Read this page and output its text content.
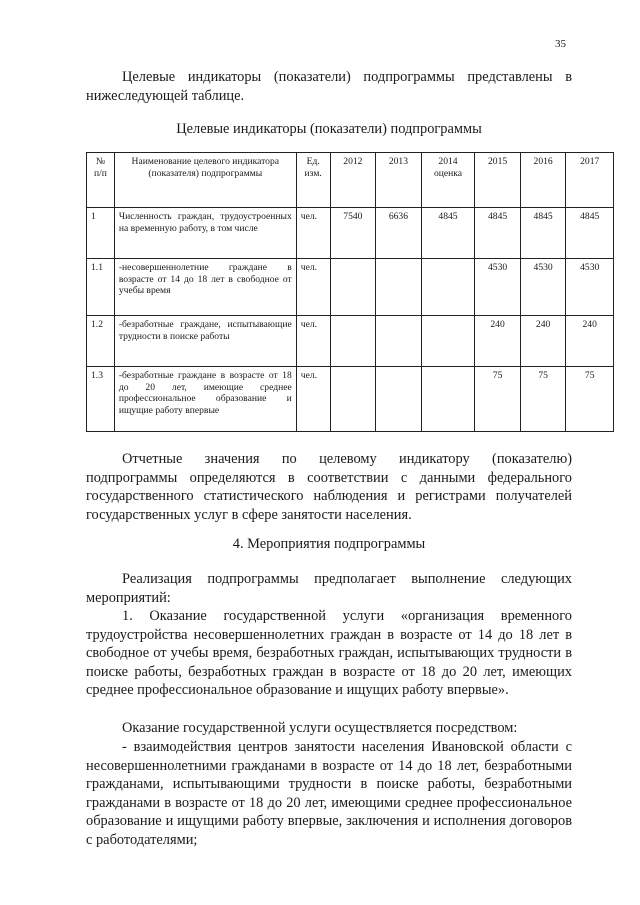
35

Целевые индикаторы (показатели) подпрограммы представлены в нижеследующей таблице.

Целевые индикаторы (показатели) подпрограммы

№ п/п	Наименование целевого индикатора (показателя) подпрограммы	Ед. изм.	2012	2013	2014 оценка	2015	2016	2017
1	Численность граждан, трудоустроенных на временную работу, в том числе	чел.	7540	6636	4845	4845	4845	4845
1.1	-несовершеннолетние граждане в возрасте от 14 до 18 лет в свободное от учебы время	чел.				4530	4530	4530
1.2	-безработные граждане, испытывающие трудности в поиске работы	чел.				240	240	240
1.3	-безработные граждане в возрасте от 18 до 20 лет, имеющие среднее профессиональное образование и ищущие работу впервые	чел.				75	75	75

Отчетные значения по целевому индикатору (показателю) подпрограммы определяются в соответствии с данными федерального государственного статистического наблюдения и регистрами получателей государственных услуг в сфере занятости населения.

4. Мероприятия подпрограммы

Реализация подпрограммы предполагает выполнение следующих мероприятий:

1. Оказание государственной услуги «организация временного трудоустройства несовершеннолетних граждан в возрасте от 14 до 18 лет в свободное от учебы время, безработных граждан, испытывающих трудности в поиске работы, безработных граждан в возрасте от 18 до 20 лет, имеющих среднее профессиональное образование и ищущих работу впервые».

Оказание государственной услуги осуществляется посредством:

- взаимодействия центров занятости населения Ивановской области с несовершеннолетними гражданами в возрасте от 14 до 18 лет, безработными гражданами, испытывающими трудности в поиске работы, безработными гражданами в возрасте от 18 до 20 лет, имеющими среднее профессиональное образование и ищущими работу впервые, заключения и исполнения договоров с работодателями;
